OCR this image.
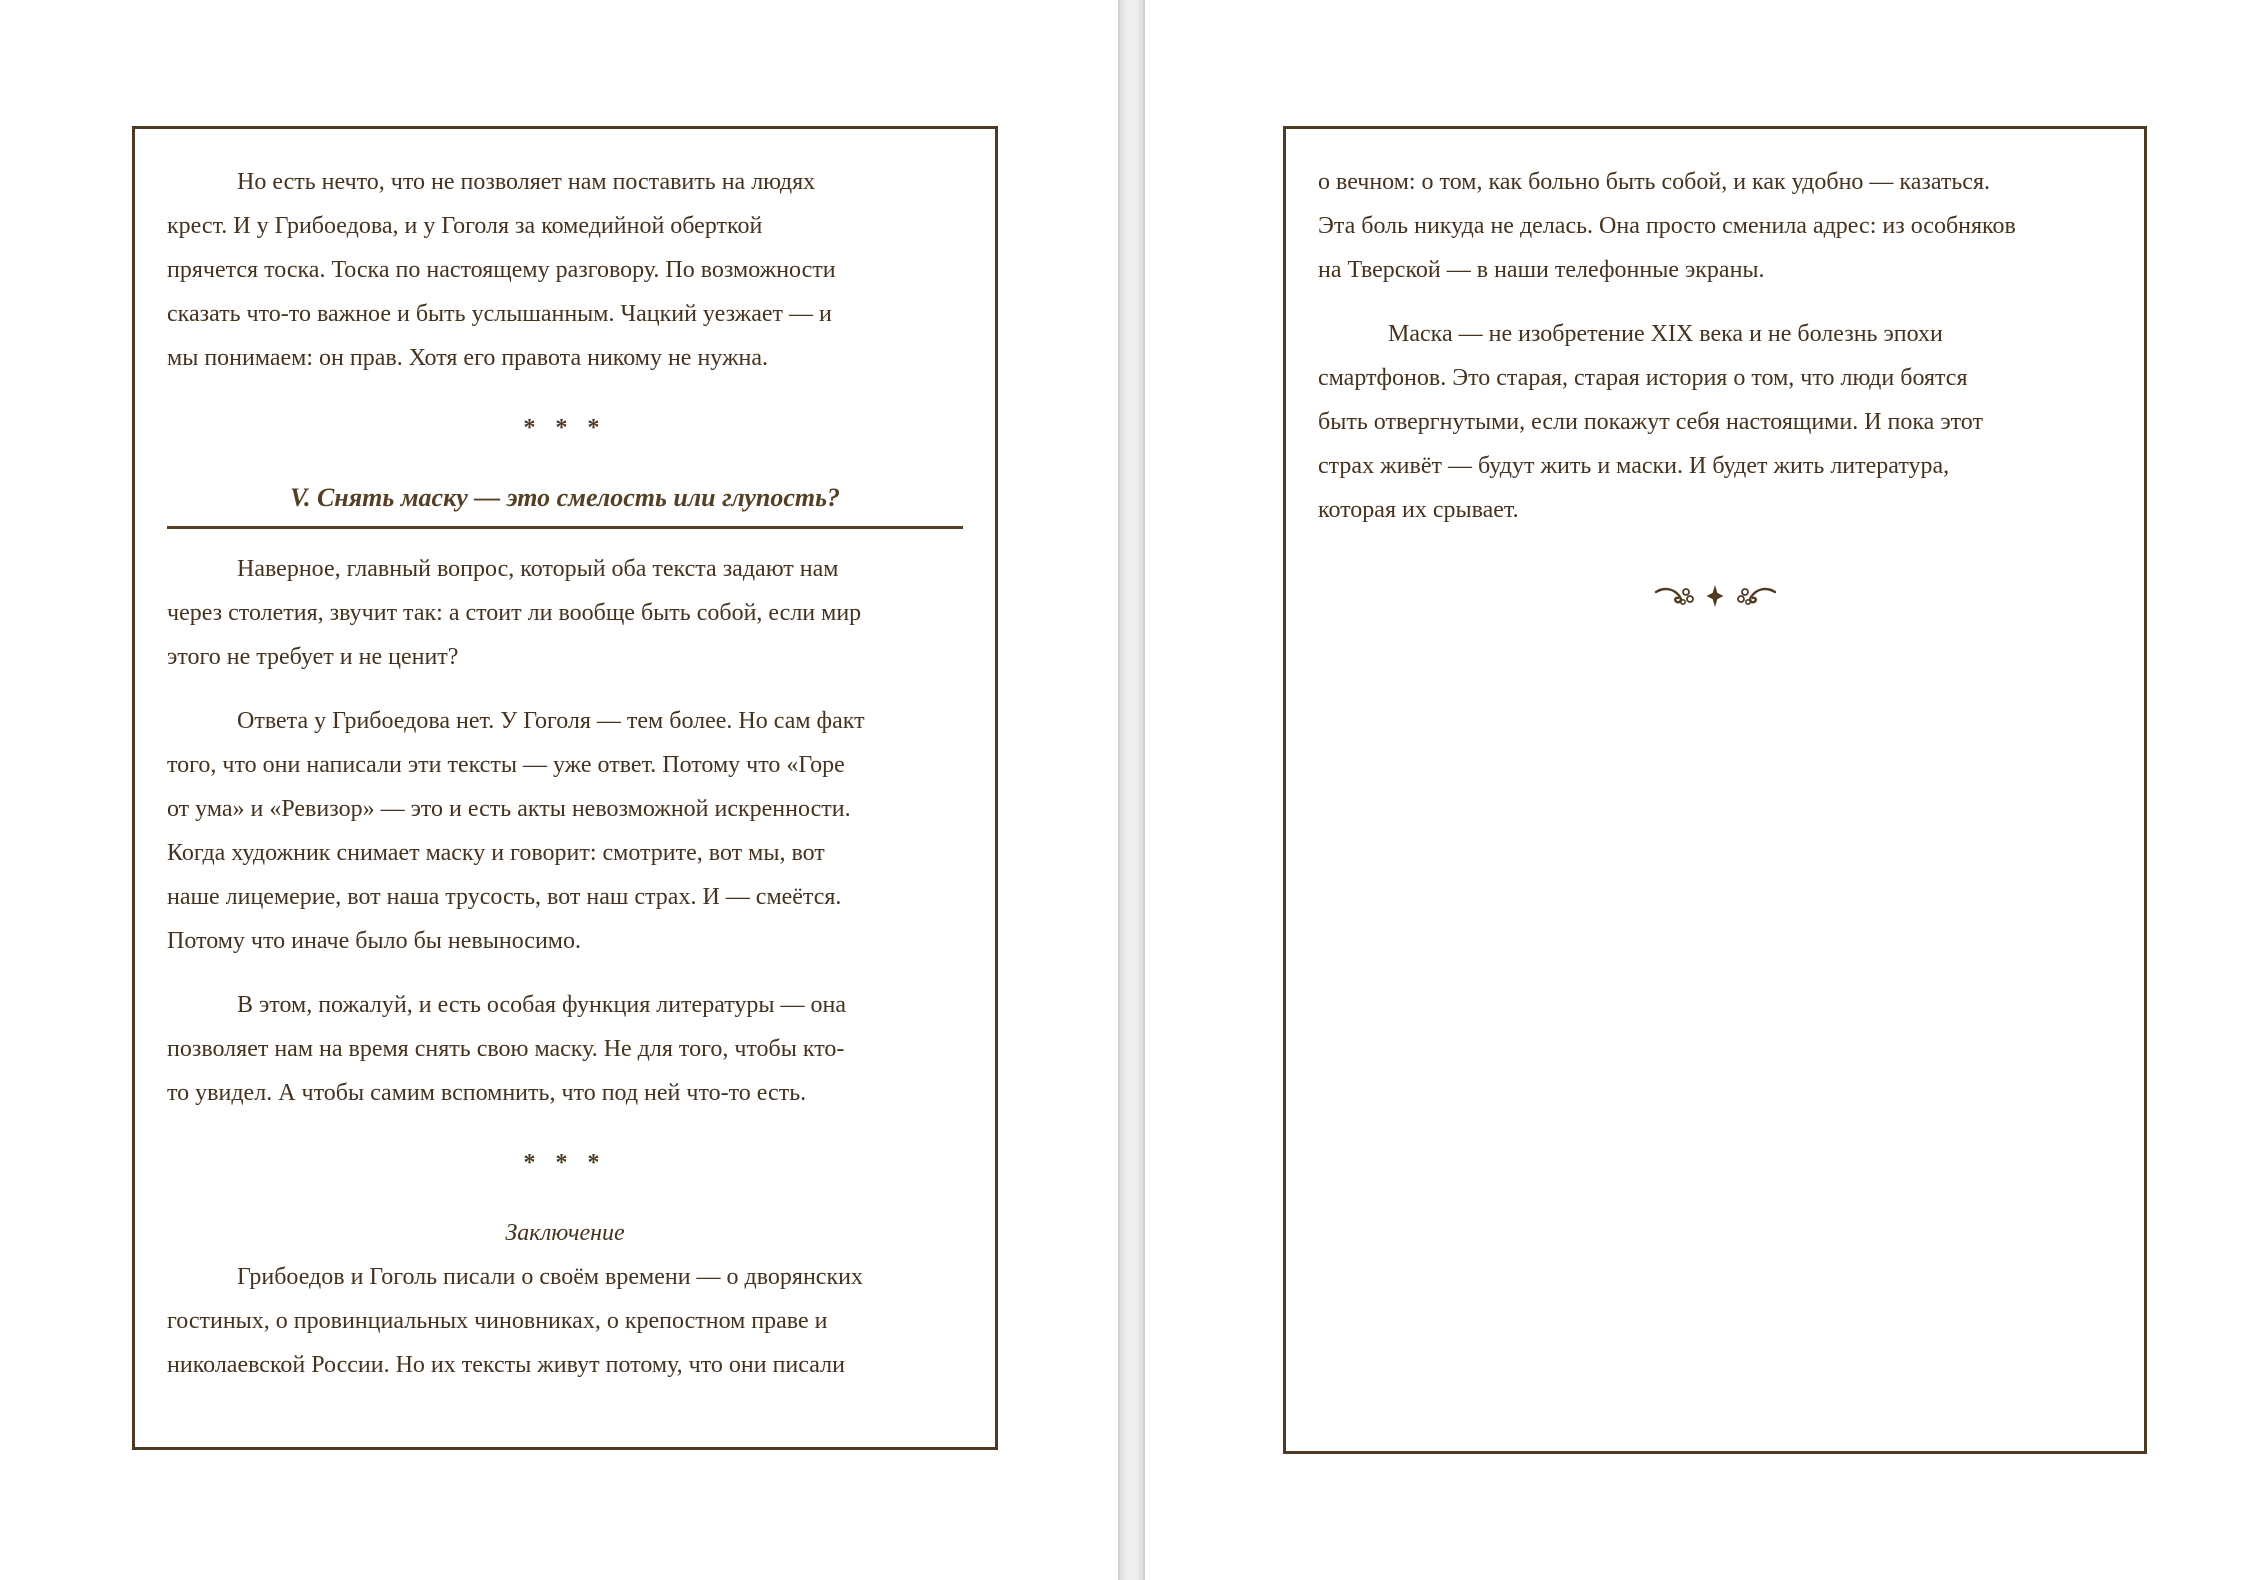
Но есть нечто, что не позволяет нам поставить на людях
крест. И у Грибоедова, и у Гоголя за комедийной оберткой
прячется тоска. Тоска по настоящему разговору. По возможности
сказать что-то важное и быть услышанным. Чацкий уезжает — и
мы понимаем: он прав. Хотя его правота никому не нужна.
* * *
V. Снять маску — это смелость или глупость?
Наверное, главный вопрос, который оба текста задают нам
через столетия, звучит так: а стоит ли вообще быть собой, если мир
этого не требует и не ценит?
Ответа у Грибоедова нет. У Гоголя — тем более. Но сам факт
того, что они написали эти тексты — уже ответ. Потому что «Горе
от ума» и «Ревизор» — это и есть акты невозможной искренности.
Когда художник снимает маску и говорит: смотрите, вот мы, вот
наше лицемерие, вот наша трусость, вот наш страх. И — смеётся.
Потому что иначе было бы невыносимо.
В этом, пожалуй, и есть особая функция литературы — она
позволяет нам на время снять свою маску. Не для того, чтобы кто-
то увидел. А чтобы самим вспомнить, что под ней что-то есть.
* * *
Заключение
Грибоедов и Гоголь писали о своём времени — о дворянских
гостиных, о провинциальных чиновниках, о крепостном праве и
николаевской России. Но их тексты живут потому, что они писали
о вечном: о том, как больно быть собой, и как удобно — казаться.
Эта боль никуда не делась. Она просто сменила адрес: из особняков
на Тверской — в наши телефонные экраны.
Маска — не изобретение XIX века и не болезнь эпохи
смартфонов. Это старая, старая история о том, что люди боятся
быть отвергнутыми, если покажут себя настоящими. И пока этот
страх живёт — будут жить и маски. И будет жить литература,
которая их срывает.
